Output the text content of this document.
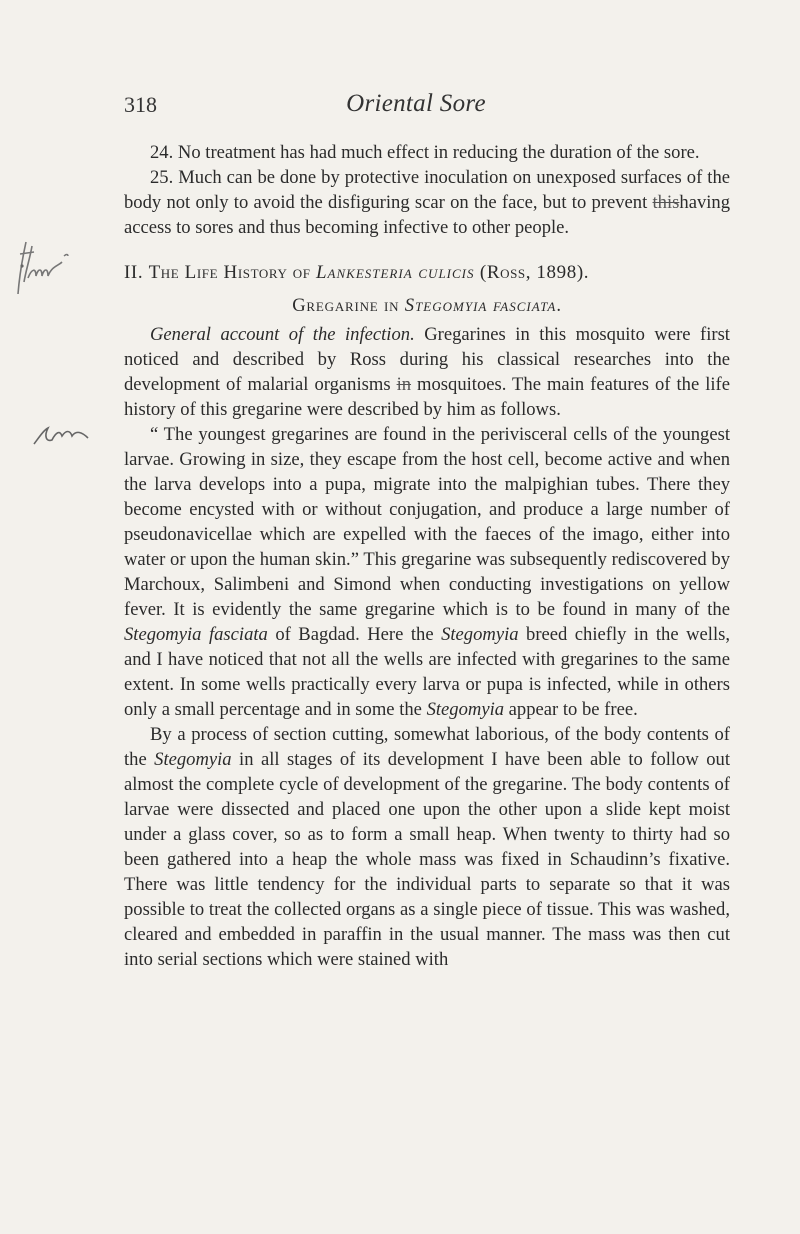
318	Oriental Sore

24. No treatment has had much effect in reducing the duration of the sore.

25. Much can be done by protective inoculation on unexposed surfaces of the body not only to avoid the disfiguring scar on the face, but to prevent thishaving access to sores and thus becoming infective to other people.

II. The Life History of Lankesteria culicis (Ross, 1898).

Gregarine in Stegomyia fasciata.

General account of the infection. Gregarines in this mosquito were first noticed and described by Ross during his classical researches into the development of malarial organisms in mosquitoes. The main features of the life history of this gregarine were described by him as follows.

“ The youngest gregarines are found in the perivisceral cells of the youngest larvae. Growing in size, they escape from the host cell, become active and when the larva develops into a pupa, migrate into the malpighian tubes. There they become encysted with or without conjugation, and produce a large number of pseudonavicellae which are expelled with the faeces of the imago, either into water or upon the human skin.” This gregarine was subsequently rediscovered by Marchoux, Salimbeni and Simond when conducting investigations on yellow fever. It is evidently the same gregarine which is to be found in many of the Stegomyia fasciata of Bagdad. Here the Stegomyia breed chiefly in the wells, and I have noticed that not all the wells are infected with gregarines to the same extent. In some wells practically every larva or pupa is infected, while in others only a small percentage and in some the Stegomyia appear to be free.

By a process of section cutting, somewhat laborious, of the body contents of the Stegomyia in all stages of its development I have been able to follow out almost the complete cycle of development of the gregarine. The body contents of larvae were dissected and placed one upon the other upon a slide kept moist under a glass cover, so as to form a small heap. When twenty to thirty had so been gathered into a heap the whole mass was fixed in Schaudinn’s fixative. There was little tendency for the individual parts to separate so that it was possible to treat the collected organs as a single piece of tissue. This was washed, cleared and embedded in paraffin in the usual manner. The mass was then cut into serial sections which were stained with
